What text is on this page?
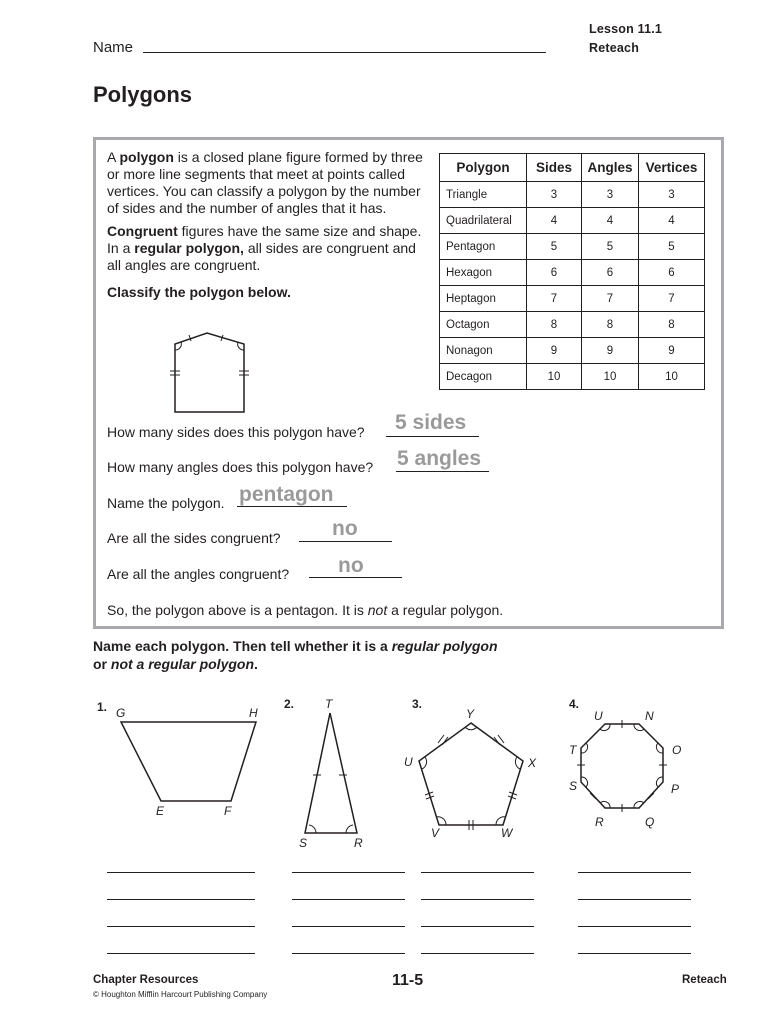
Name
Lesson 11.1
Reteach
Polygons

A polygon is a closed plane figure formed by three or more line segments that meet at points called vertices. You can classify a polygon by the number of sides and the number of angles that it has.

Congruent figures have the same size and shape. In a regular polygon, all sides are congruent and all angles are congruent.

Classify the polygon below.

Polygon	Sides	Angles	Vertices
Triangle	3	3	3
Quadrilateral	4	4	4
Pentagon	5	5	5
Hexagon	6	6	6
Heptagon	7	7	7
Octagon	8	8	8
Nonagon	9	9	9
Decagon	10	10	10
How many sides does this polygon have? 5 sides
How many angles does this polygon have? 5 angles
Name the polygon. pentagon
Are all the sides congruent? no
Are all the angles congruent? no
So, the polygon above is a pentagon. It is not a regular polygon.
Name each polygon. Then tell whether it is a regular polygon
or not a regular polygon.
1. G	H
E	F
2.	T
S	R
3.
Y
U	X
V	W
4.
U	N
T	O
S	P
R	Q
Chapter Resources
© Houghton Mifflin Harcourt Publishing Company
11-5	Reteach
